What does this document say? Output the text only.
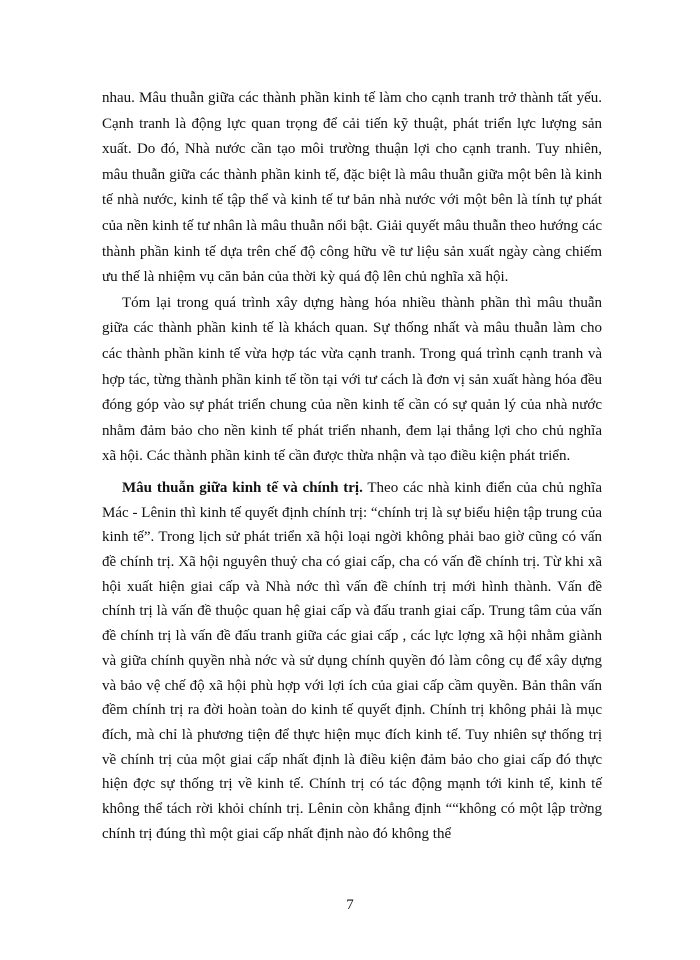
nhau. Mâu thuẫn giữa các thành phần kinh tế làm cho cạnh tranh trở thành tất yếu. Cạnh tranh là động lực quan trọng để cải tiến kỹ thuật, phát triển lực lượng sản xuất. Do đó, Nhà nước cần tạo môi trường thuận lợi cho cạnh tranh. Tuy nhiên, mâu thuẫn giữa các thành phần kinh tế, đặc biệt là mâu thuẫn giữa một bên là kinh tế nhà nước, kinh tế tập thể và kinh tế tư bản nhà nước với một bên là tính tự phát của nền kinh tế tư nhân là mâu thuẫn nổi bật. Giải quyết mâu thuẫn theo hướng các thành phần kinh tế dựa trên chế độ công hữu về tư liệu sản xuất ngày càng chiếm ưu thế là nhiệm vụ căn bản của thời kỳ quá độ lên chủ nghĩa xã hội.

Tóm lại trong quá trình xây dựng hàng hóa nhiều thành phần thì mâu thuẫn giữa các thành phần kinh tế là khách quan. Sự thống nhất và mâu thuẫn làm cho các thành phần kinh tế vừa hợp tác vừa cạnh tranh. Trong quá trình cạnh tranh và hợp tác, từng thành phần kinh tế tồn tại với tư cách là đơn vị sản xuất hàng hóa đều đóng góp vào sự phát triển chung của nền kinh tế cần có sự quản lý của nhà nước nhằm đảm bảo cho nền kinh tế phát triển nhanh, đem lại thắng lợi cho chủ nghĩa xã hội. Các thành phần kinh tế cần được thừa nhận và tạo điều kiện phát triển.

Mâu thuẫn giữa kinh tế và chính trị. Theo các nhà kinh điển của chủ nghĩa Mác - Lênin thì kinh tế quyết định chính trị: “chính trị là sự biểu hiện tập trung của kinh tế”. Trong lịch sử phát triển xã hội loại ngời không phải bao giờ cũng có vấn đề chính trị. Xã hội nguyên thuỷ cha có giai cấp, cha có vấn đề chính trị. Từ khi xã hội xuất hiện giai cấp và Nhà nớc thì vấn đề chính trị mới hình thành. Vấn đề chính trị là vấn đề thuộc quan hệ giai cấp và đấu tranh giai cấp. Trung tâm của vấn đề chính trị là vấn đề đấu tranh giữa các giai cấp , các lực lợng xã hội nhằm giành và giữa chính quyền nhà nớc và sử dụng chính quyền đó làm công cụ để xây dựng và bảo vệ chế độ xã hội phù hợp với lợi ích của giai cấp cầm quyền. Bản thân vấn đềm chính trị ra đời hoàn toàn do kinh tế quyết định. Chính trị không phải là mục đích, mà chỉ là phương tiện để thực hiện mục đích kinh tế. Tuy nhiên sự thống trị về chính trị của một giai cấp nhất định là điều kiện đảm bảo cho giai cấp đó thực hiện đợc sự thống trị về kinh tế. Chính trị có tác động mạnh tới kinh tế, kinh tế không thể tách rời khỏi chính trị. Lênin còn khẳng định ““không có một lập trờng chính trị đúng thì một giai cấp nhất định nào đó không thể

7
